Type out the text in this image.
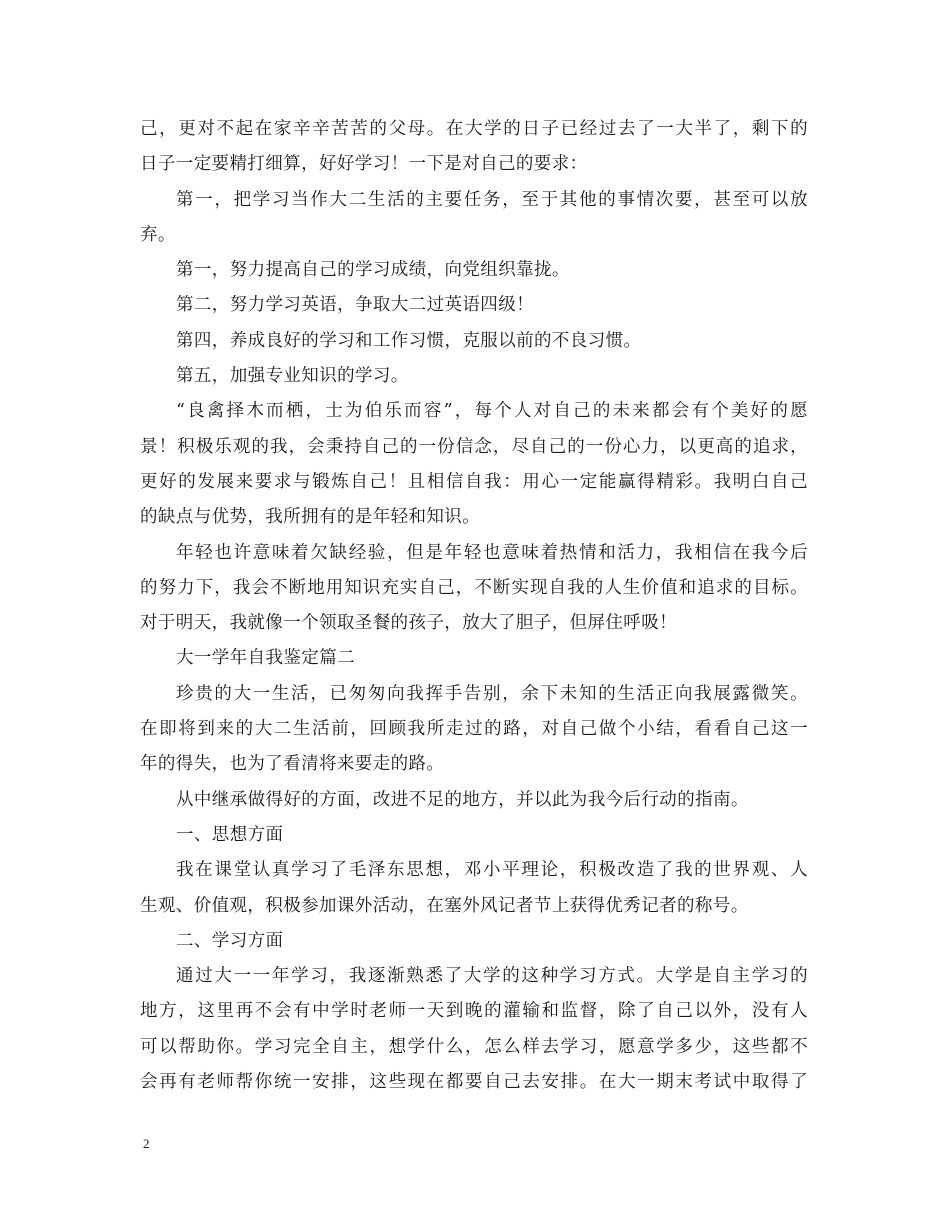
己，更对不起在家辛辛苦苦的父母。在大学的日子已经过去了一大半了，剩下的
日子一定要精打细算，好好学习！一下是对自己的要求：
第一，把学习当作大二生活的主要任务，至于其他的事情次要，甚至可以放
弃。
第一，努力提高自己的学习成绩，向党组织靠拢。
第二，努力学习英语，争取大二过英语四级！
第四，养成良好的学习和工作习惯，克服以前的不良习惯。
第五，加强专业知识的学习。
“良禽择木而栖，士为伯乐而容”，每个人对自己的未来都会有个美好的愿
景！积极乐观的我，会秉持自己的一份信念，尽自己的一份心力，以更高的追求，
更好的发展来要求与锻炼自己！且相信自我：用心一定能赢得精彩。我明白自己
的缺点与优势，我所拥有的是年轻和知识。
年轻也许意味着欠缺经验，但是年轻也意味着热情和活力，我相信在我今后
的努力下，我会不断地用知识充实自己，不断实现自我的人生价值和追求的目标。
对于明天，我就像一个领取圣餐的孩子，放大了胆子，但屏住呼吸！
大一学年自我鉴定篇二
珍贵的大一生活，已匆匆向我挥手告别，余下未知的生活正向我展露微笑。
在即将到来的大二生活前，回顾我所走过的路，对自己做个小结，看看自己这一
年的得失，也为了看清将来要走的路。
从中继承做得好的方面，改进不足的地方，并以此为我今后行动的指南。
一、思想方面
我在课堂认真学习了毛泽东思想，邓小平理论，积极改造了我的世界观、人
生观、价值观，积极参加课外活动，在塞外风记者节上获得优秀记者的称号。
二、学习方面
通过大一一年学习，我逐渐熟悉了大学的这种学习方式。大学是自主学习的
地方，这里再不会有中学时老师一天到晚的灌输和监督，除了自己以外，没有人
可以帮助你。学习完全自主，想学什么，怎么样去学习，愿意学多少，这些都不
会再有老师帮你统一安排，这些现在都要自己去安排。在大一期末考试中取得了
2
